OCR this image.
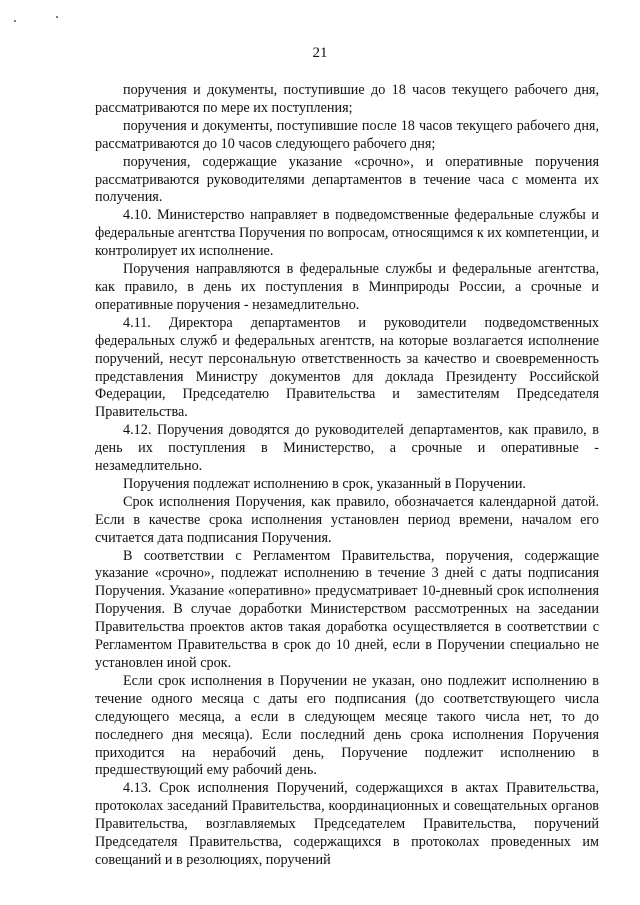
21

поручения и документы, поступившие до 18 часов текущего рабочего дня, рассматриваются по мере их поступления;

поручения и документы, поступившие после 18 часов текущего рабочего дня, рассматриваются до 10 часов следующего рабочего дня;

поручения, содержащие указание «срочно», и оперативные поручения рассматриваются руководителями департаментов в течение часа с момента их получения.

4.10. Министерство направляет в подведомственные федеральные службы и федеральные агентства Поручения по вопросам, относящимся к их компетенции, и контролирует их исполнение.

Поручения направляются в федеральные службы и федеральные агентства, как правило, в день их поступления в Минприроды России, а срочные и оперативные поручения - незамедлительно.

4.11. Директора департаментов и руководители подведомственных федеральных служб и федеральных агентств, на которые возлагается исполнение поручений, несут персональную ответственность за качество и своевременность представления Министру документов для доклада Президенту Российской Федерации, Председателю Правительства и заместителям Председателя Правительства.

4.12. Поручения доводятся до руководителей департаментов, как правило, в день их поступления в Министерство, а срочные и оперативные - незамедлительно.

Поручения подлежат исполнению в срок, указанный в Поручении.

Срок исполнения Поручения, как правило, обозначается календарной датой. Если в качестве срока исполнения установлен период времени, началом его считается дата подписания Поручения.

В соответствии с Регламентом Правительства, поручения, содержащие указание «срочно», подлежат исполнению в течение 3 дней с даты подписания Поручения. Указание «оперативно» предусматривает 10-дневный срок исполнения Поручения. В случае доработки Министерством рассмотренных на заседании Правительства проектов актов такая доработка осуществляется в соответствии с Регламентом Правительства в срок до 10 дней, если в Поручении специально не установлен иной срок.

Если срок исполнения в Поручении не указан, оно подлежит исполнению в течение одного месяца с даты его подписания (до соответствующего числа следующего месяца, а если в следующем месяце такого числа нет, то до последнего дня месяца). Если последний день срока исполнения Поручения приходится на нерабочий день, Поручение подлежит исполнению в предшествующий ему рабочий день.

4.13. Срок исполнения Поручений, содержащихся в актах Правительства, протоколах заседаний Правительства, координационных и совещательных органов Правительства, возглавляемых Председателем Правительства, поручений Председателя Правительства, содержащихся в протоколах проведенных им совещаний и в резолюциях, поручений
